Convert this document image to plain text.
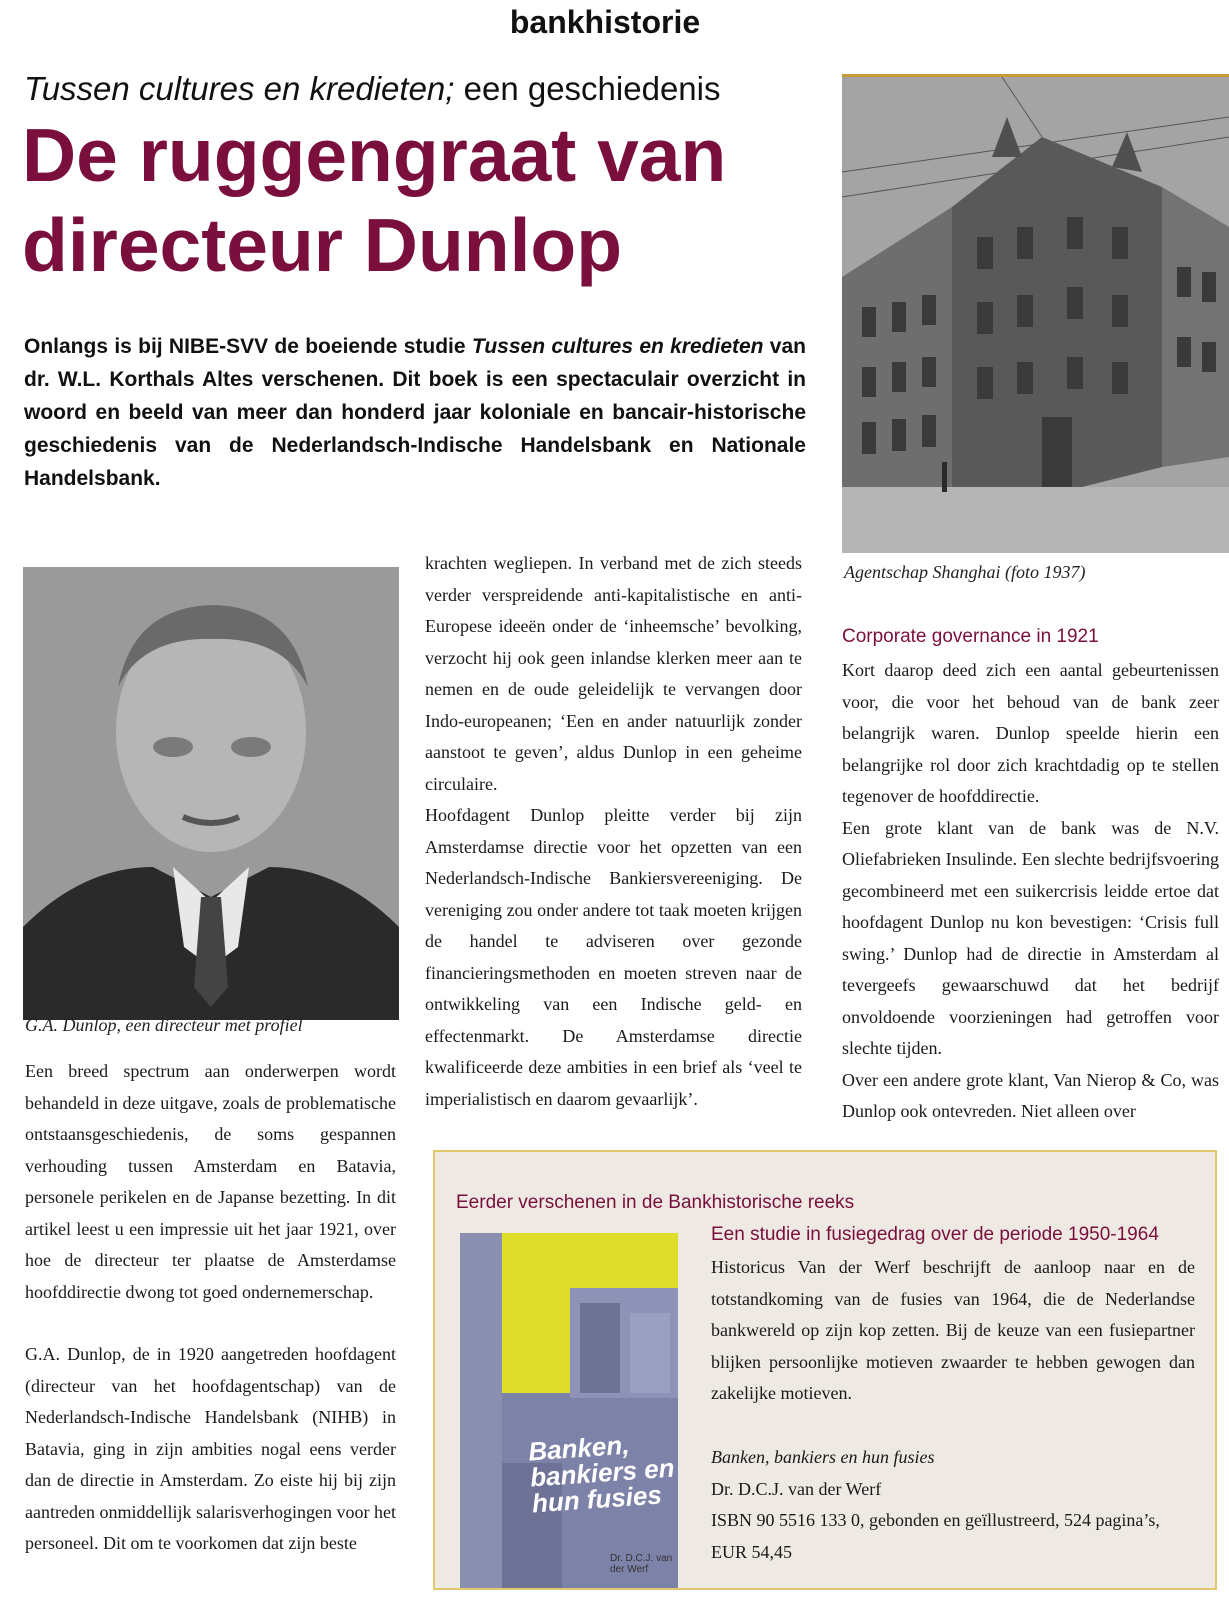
bankhistorie
Tussen cultures en kredieten; een geschiedenis
De ruggengraat van
directeur Dunlop

Onlangs is bij NIBE-SVV de boeiende studie Tussen cultures en kredieten van dr. W.L. Korthals Altes verschenen. Dit boek is een spectaculair overzicht in woord en beeld van meer dan honderd jaar koloniale en bancair-historische geschiedenis van de Nederlandsch-Indische Handelsbank en Nationale Handelsbank.

Agentschap Shanghai (foto 1937)
G.A. Dunlop, een directeur met profiel

Een breed spectrum aan onderwerpen wordt behandeld in deze uitgave, zoals de problematische ontstaansgeschiedenis, de soms gespannen verhouding tussen Amsterdam en Batavia, personele perikelen en de Japanse bezetting. In dit artikel leest u een impressie uit het jaar 1921, over hoe de directeur ter plaatse de Amsterdamse hoofddirectie dwong tot goed ondernemerschap.

G.A. Dunlop, de in 1920 aangetreden hoofdagent (directeur van het hoofdagentschap) van de Nederlandsch-Indische Handelsbank (NIHB) in Batavia, ging in zijn ambities nogal eens verder dan de directie in Amsterdam. Zo eiste hij bij zijn aantreden onmiddellijk salarisverhogingen voor het personeel. Dit om te voorkomen dat zijn beste

krachten wegliepen. In verband met de zich steeds verder verspreidende anti-kapitalistische en anti-Europese ideeën onder de ‘inheemsche’ bevolking, verzocht hij ook geen inlandse klerken meer aan te nemen en de oude geleidelijk te vervangen door Indo-europeanen; ‘Een en ander natuurlijk zonder aanstoot te geven’, aldus Dunlop in een geheime circulaire.

Hoofdagent Dunlop pleitte verder bij zijn Amsterdamse directie voor het opzetten van een Nederlandsch-Indische Bankiersvereeniging. De vereniging zou onder andere tot taak moeten krijgen de handel te adviseren over gezonde financieringsmethoden en moeten streven naar de ontwikkeling van een Indische geld- en effectenmarkt. De Amsterdamse directie kwalificeerde deze ambities in een brief als ‘veel te imperialistisch en daarom gevaarlijk’.

Corporate governance in 1921

Kort daarop deed zich een aantal gebeurtenissen voor, die voor het behoud van de bank zeer belangrijk waren. Dunlop speelde hierin een belangrijke rol door zich krachtdadig op te stellen tegenover de hoofddirectie.

Een grote klant van de bank was de N.V. Oliefabrieken Insulinde. Een slechte bedrijfsvoering gecombineerd met een suikercrisis leidde ertoe dat hoofdagent Dunlop nu kon bevestigen: ‘Crisis full swing.’ Dunlop had de directie in Amsterdam al tevergeefs gewaarschuwd dat het bedrijf onvoldoende voorzieningen had getroffen voor slechte tijden.

Over een andere grote klant, Van Nierop & Co, was Dunlop ook ontevreden. Niet alleen over

Eerder verschenen in de Bankhistorische reeks
Een studie in fusiegedrag over de periode 1950-1964
Historicus Van der Werf beschrijft de aanloop naar en de totstandkoming van de fusies van 1964, die de Nederlandse bankwereld op zijn kop zetten. Bij de keuze van een fusiepartner blijken persoonlijke motieven zwaarder te hebben gewogen dan zakelijke motieven.
Banken, bankiers en hun fusies
Dr. D.C.J. van der Werf
ISBN 90 5516 133 0, gebonden en geïllustreerd, 524 pagina’s,
EUR 54,45
Banken, bankiers en hun fusies
Dr. D.C.J. van der Werf
